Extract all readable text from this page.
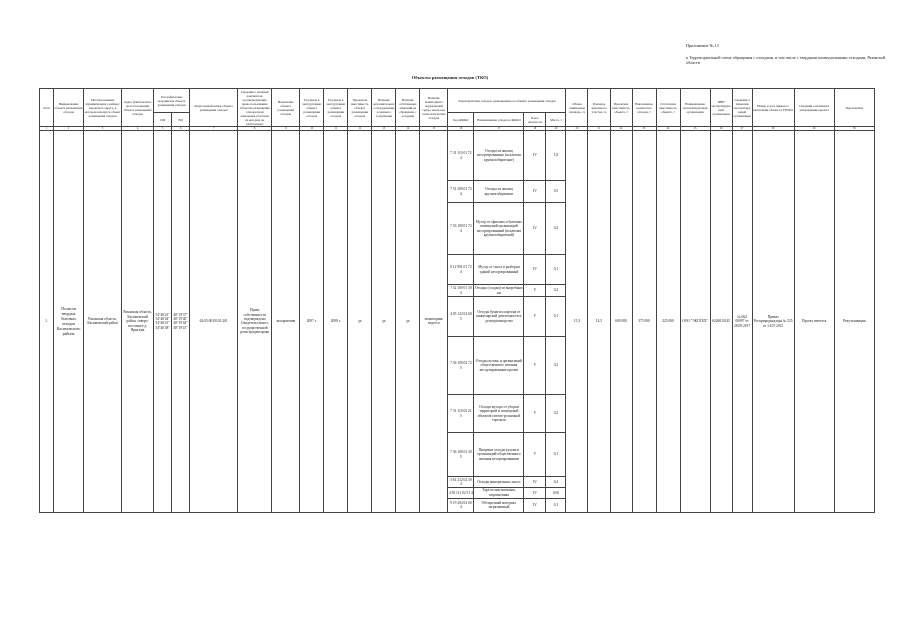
Приложение № 13
к Территориальной схеме обращения с отходами, в том числе с твердыми коммунальными отходами, Рязанской области
Объекты размещения отходов (ТКО)
п/п/п	Наименование объекта размещения отходов	Местоположение муниципального района/городского округа, в котором находится объект размещения отходов	Адрес фактического местоположения объекта размещения отходов	Географические координаты объекта размещения отходов		Кадастровый номер объекта размещения отходов	Сведения о наличии документов, подтверждающих право пользования объектом размещения отходов (или земельным участком, на котором он расположен)	Назначение объекта размещения отходов	Год ввода в эксплуатацию объекта размещения отходов	Год ввода в эксплуатацию объекта размещения отходов	Проектная вместимость объекта размещения отходов	Наличие дополнительного оборудования, основного сооружения	Наличие собственных лицензий на обращение с отходами	Наличие мониторинга окружающей среды, контроля, технологических отходов	Характеристика отходов, размещенных на объекте размещения отходов				Общая занимаемая площадь, га	Площадь земельного участка, га	Проектная вместимость объекта, т	Накопленное количество отходов, т	Остаточная вместимость объекта, т	Наименование эксплуатирующей организации	ИНН эксплуатирующей организации	Сведения о лицензии эксплуатирующей организации	Номер и дата приказа о включении объекта в ГРОРО	Сведения о наличии и утверждении проекта	Перспектива

				СШ	ВД										Код ФККО	Наименование отхода по ФККО	Класс опасности	Масса, т											
1	2	3	4	5	6	7	8	9	10	11	12	13	14	15	16	17	18	19	20	21	22	23	24	25	26	27	28	29	30
1.	Полигон твердых бытовых отходов Касимовского района	Рязанская область, Касимовский район	Рязанская область, Касимовский район, северо-восточнее д. Ярыгина	54°46'41" 54°46'44" 54°46'41" 54°46'38"	40°19'37" 40°19'40" 40°19'44" 40°19'41"	62:05:0010101:201	Право собственности подтверждено Свидетельством о государственной регистрации права	захоронение	2007 г.	2008 г.	да	да	да	мониторинг ведется	7 31 110 01 72 4	Отходы из жилищ несортированные (исключая крупногабаритные)	IV	1,8	15,3	14,5	600 000	375 000	225 000	ООО "ЭКОТЕХ"	6226010145	№ 062 00097 от 28.09.2017	Приказ Росприроднадзора № 525 от 14.07.2015	Проект имеется	Рекультивация
															7 31 200 01 72 4	Отходы из жилищ крупногабаритные	IV	0,5											
															7 33 100 01 72 4	Мусор от офисных и бытовых помещений организаций несортированный (исключая крупногабаритный)	IV	0,3											
															8 12 901 01 72 4	Мусор от сноса и разборки зданий несортированный	IV	0,1											
															7 32 100 01 30 4	Отходы (осадки) из выгребных ям	V	0,2											
															4 05 122 02 60 5	Отходы бумаги и картона от канцелярской деятельности и делопроизводства	V	0,1											
															7 36 100 02 72 5	Отходы кухонь и организаций общественного питания несортированные прочие	V	0,3											
															7 31 110 02 21 5	Отходы мусора от уборки территорий и помещений объектов оптово-розничной торговли	V	0,2											
															7 36 100 01 30 5	Пищевые отходы кухонь и организаций общественного питания несортированные	V	0,1											
															3 61 212 02 39 4	Отходы минеральных масел	IV	0,4											
															4 38 111 02 51 4	Тара полиэтиленовая, загрязненная	IV	0,06											
															9 19 204 02 60 4	Обтирочный материал загрязненный	IV	0,1											
